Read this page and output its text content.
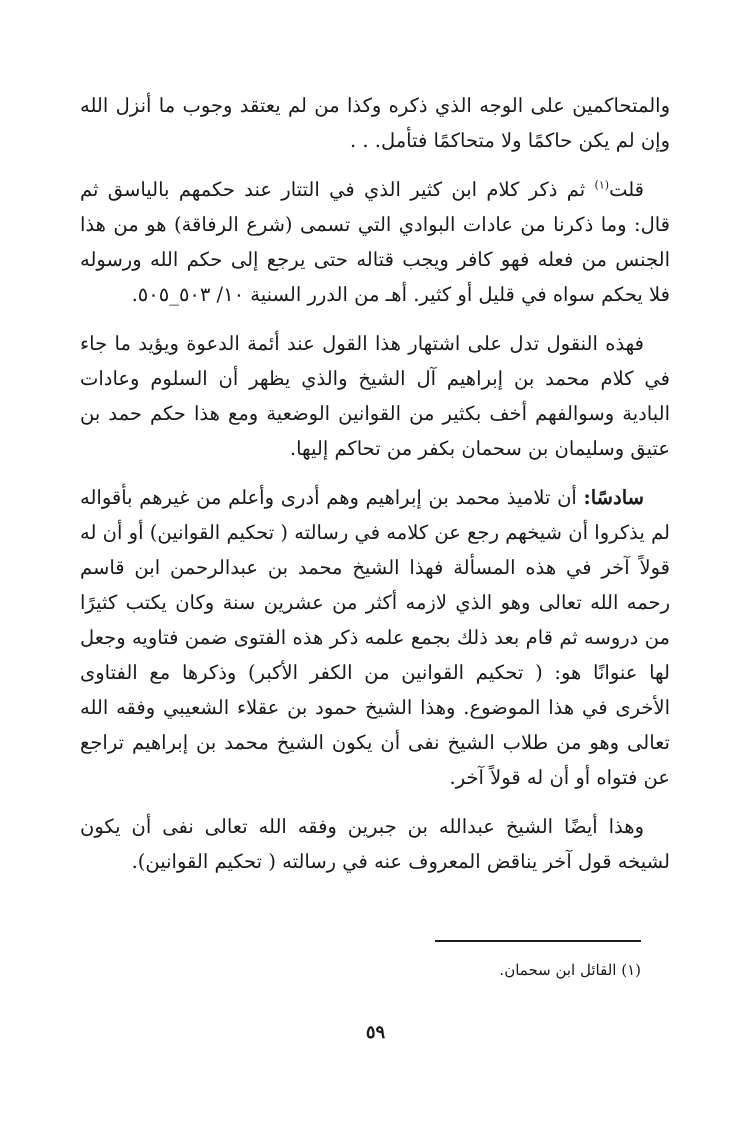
والمتحاكمين على الوجه الذي ذكره وكذا من لم يعتقد وجوب ما أنزل الله وإن لم يكن حاكمًا ولا متحاكمًا فتأمل. . .

قلت$^{(١)}$ ثم ذكر كلام ابن كثير الذي في التتار عند حكمهم بالياسق ثم قال: وما ذكرنا من عادات البوادي التي تسمى (شرع الرفاقة) هو من هذا الجنس من فعله فهو كافر ويجب قتاله حتى يرجع إلى حكم الله ورسوله فلا يحكم سواه في قليل أو كثير. أهـ من الدرر السنية ١٠/ ٥٠٣_٥٠٥.

فهذه النقول تدل على اشتهار هذا القول عند أئمة الدعوة ويؤيد ما جاء في كلام محمد بن إبراهيم آل الشيخ والذي يظهر أن السلوم وعادات البادية وسوالفهم أخف بكثير من القوانين الوضعية ومع هذا حكم حمد بن عتيق وسليمان بن سحمان بكفر من تحاكم إليها.

سادسًا: أن تلاميذ محمد بن إبراهيم وهم أدرى وأعلم من غيرهم بأقواله لم يذكروا أن شيخهم رجع عن كلامه في رسالته ( تحكيم القوانين) أو أن له قولاً آخر في هذه المسألة فهذا الشيخ محمد بن عبدالرحمن ابن قاسم رحمه الله تعالى وهو الذي لازمه أكثر من عشرين سنة وكان يكتب كثيرًا من دروسه ثم قام بعد ذلك بجمع علمه ذكر هذه الفتوى ضمن فتاويه وجعل لها عنوانًا هو: ( تحكيم القوانين من الكفر الأكبر) وذكرها مع الفتاوى الأخرى في هذا الموضوع. وهذا الشيخ حمود بن عقلاء الشعيبي وفقه الله تعالى وهو من طلاب الشيخ نفى أن يكون الشيخ محمد بن إبراهيم تراجع عن فتواه أو أن له قولاً آخر.

وهذا أيضًا الشيخ عبدالله بن جبرين وفقه الله تعالى نفى أن يكون لشيخه قول آخر يناقض المعروف عنه في رسالته ( تحكيم القوانين).

(١) القائل ابن سحمان.
٥٩
